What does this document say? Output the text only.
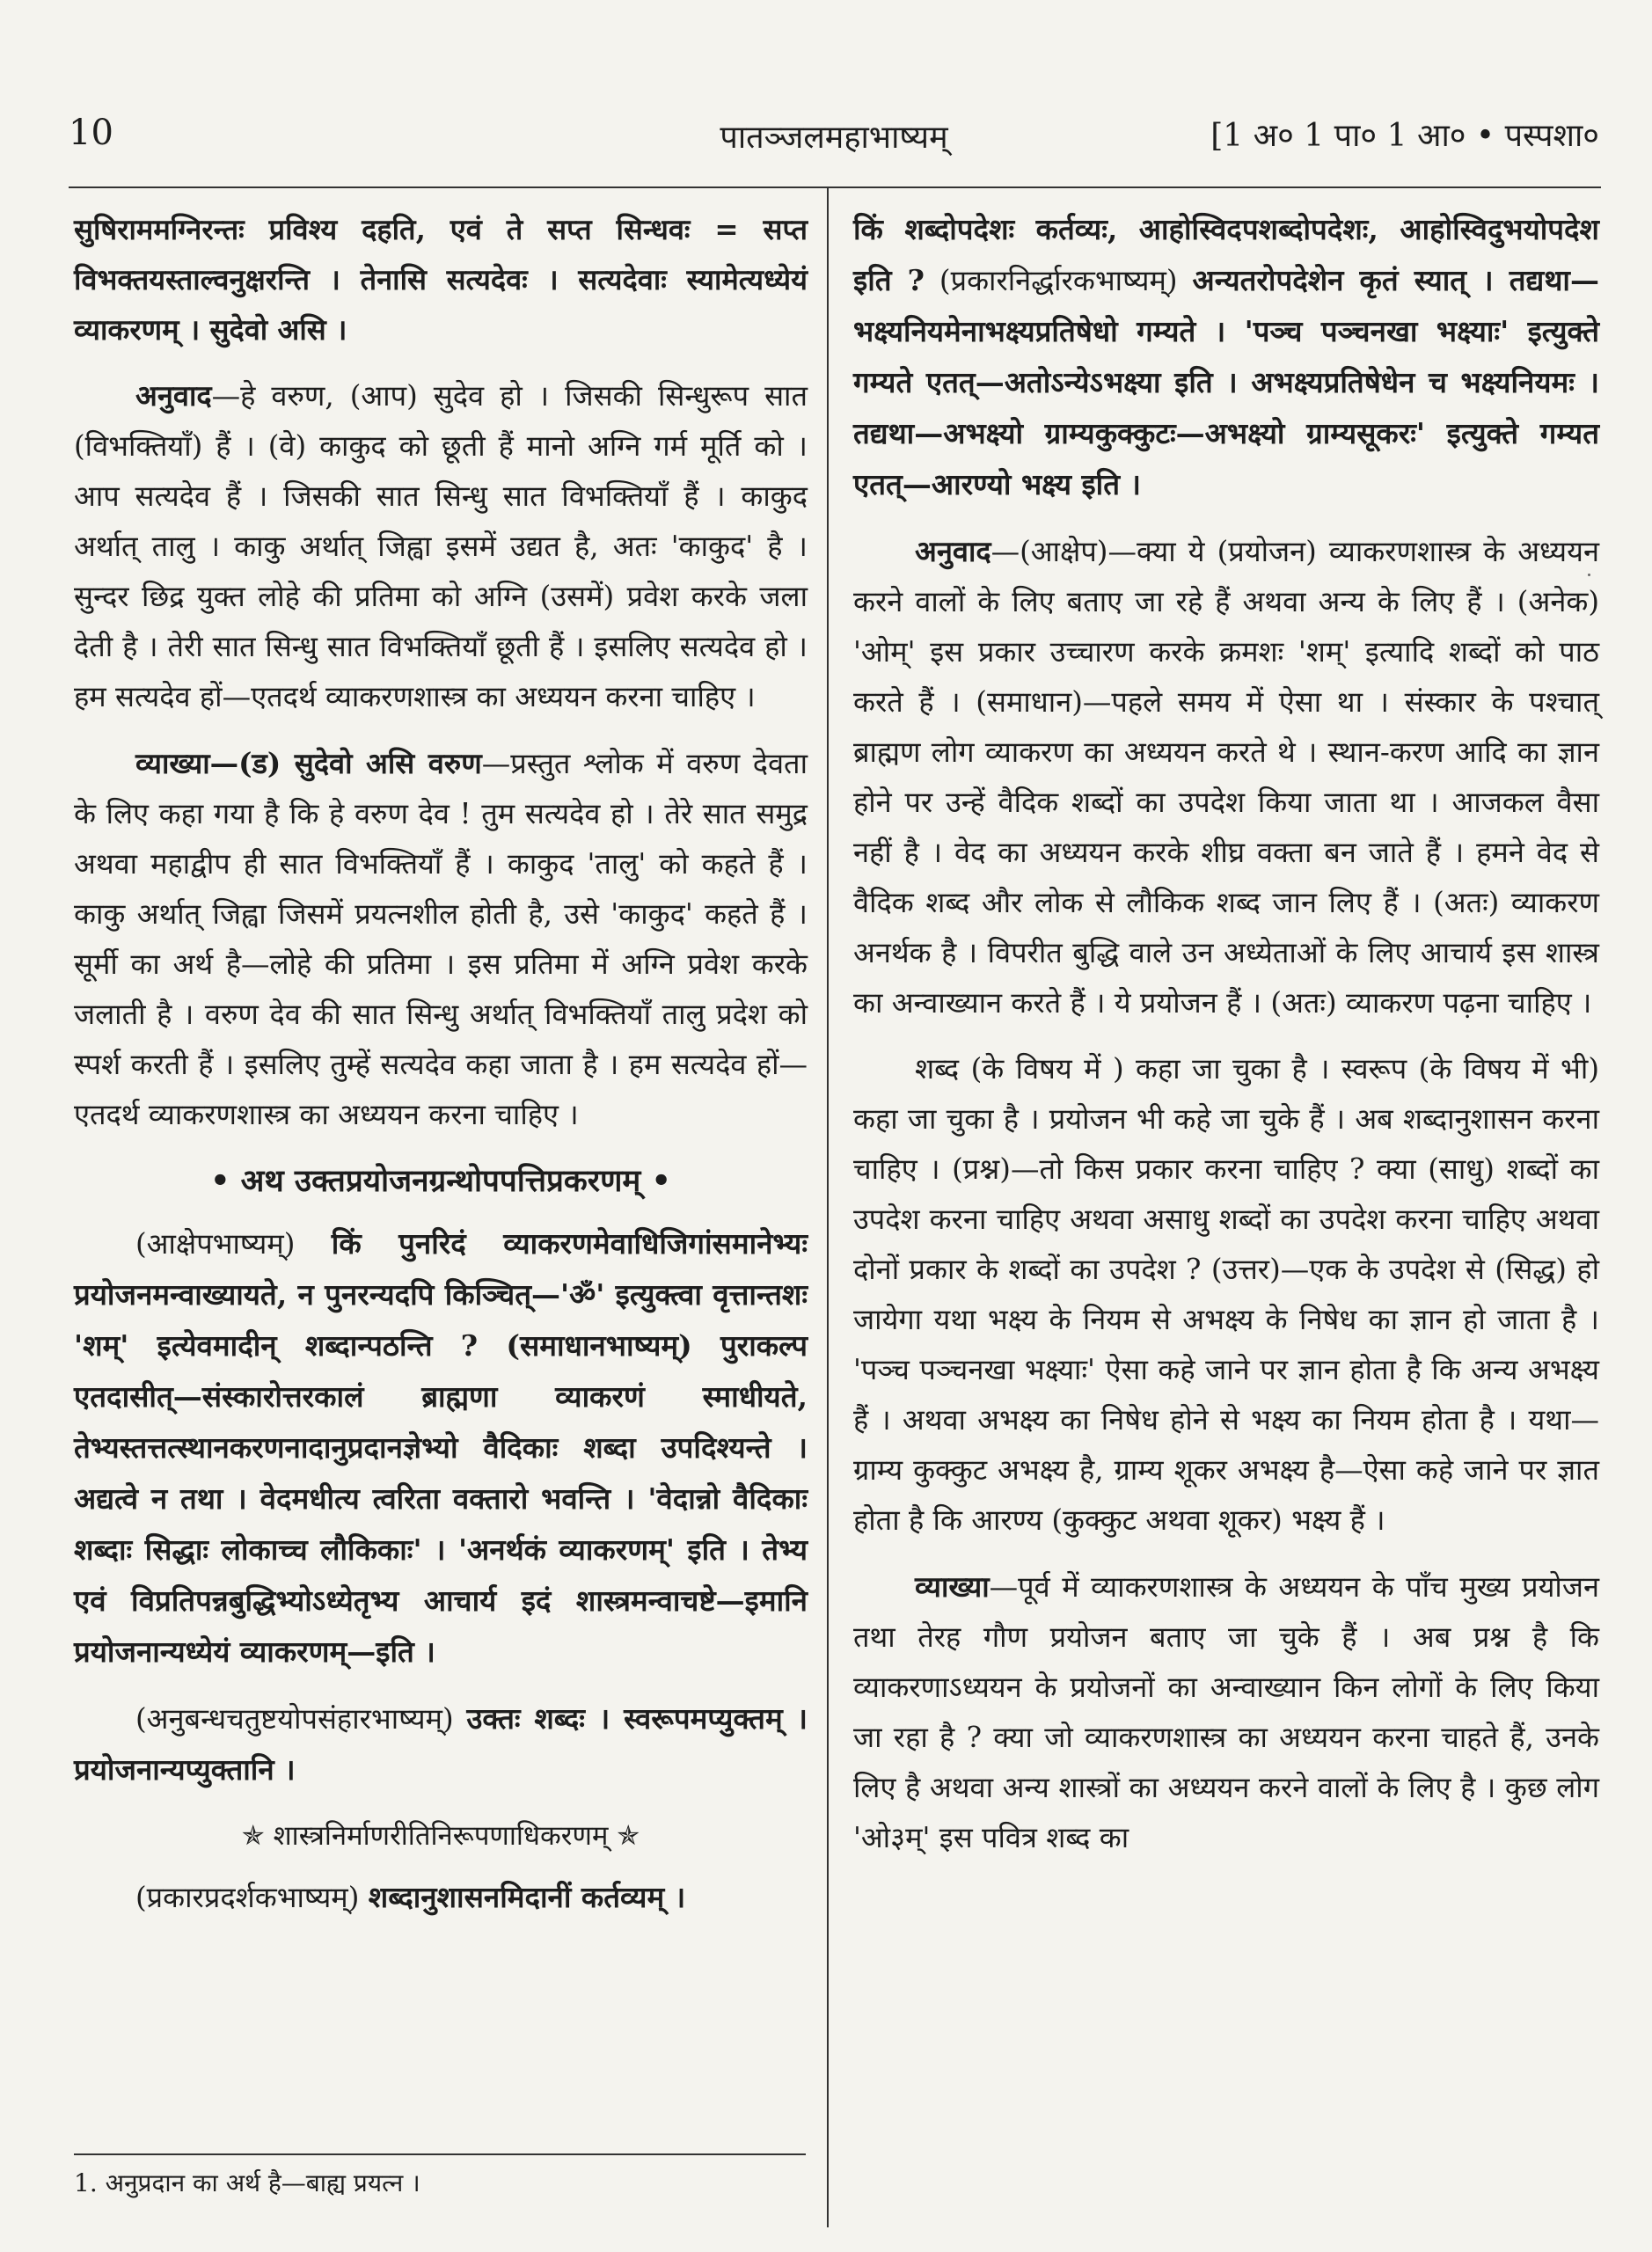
10	पातञ्जलमहाभाष्यम्	[1 अ० 1 पा० 1 आ० • पस्पशा०

सुषिराममग्निरन्तः प्रविश्य दहति, एवं ते सप्त सिन्धवः = सप्त विभक्तयस्ताल्वनुक्षरन्ति । तेनासि सत्यदेवः । सत्यदेवाः स्यामेत्यध्येयं व्याकरणम् । सुदेवो असि ।

अनुवाद—हे वरुण, (आप) सुदेव हो । जिसकी सिन्धुरूप सात (विभक्तियाँ) हैं । (वे) काकुद को छूती हैं मानो अग्नि गर्म मूर्ति को । आप सत्यदेव हैं । जिसकी सात सिन्धु सात विभक्तियाँ हैं । काकुद अर्थात् तालु । काकु अर्थात् जिह्वा इसमें उद्यत है, अतः 'काकुद' है । सुन्दर छिद्र युक्त लोहे की प्रतिमा को अग्नि (उसमें) प्रवेश करके जला देती है । तेरी सात सिन्धु सात विभक्तियाँ छूती हैं । इसलिए सत्यदेव हो । हम सत्यदेव हों—एतदर्थ व्याकरणशास्त्र का अध्ययन करना चाहिए ।

व्याख्या—(ड) सुदेवो असि वरुण—प्रस्तुत श्लोक में वरुण देवता के लिए कहा गया है कि हे वरुण देव ! तुम सत्यदेव हो । तेरे सात समुद्र अथवा महाद्वीप ही सात विभक्तियाँ हैं । काकुद 'तालु' को कहते हैं । काकु अर्थात् जिह्वा जिसमें प्रयत्नशील होती है, उसे 'काकुद' कहते हैं । सूर्मी का अर्थ है—लोहे की प्रतिमा । इस प्रतिमा में अग्नि प्रवेश करके जलाती है । वरुण देव की सात सिन्धु अर्थात् विभक्तियाँ तालु प्रदेश को स्पर्श करती हैं । इसलिए तुम्हें सत्यदेव कहा जाता है । हम सत्यदेव हों—एतदर्थ व्याकरणशास्त्र का अध्ययन करना चाहिए ।

• अथ उक्तप्रयोजनग्रन्थोपपत्तिप्रकरणम् •

(आक्षेपभाष्यम्) किं पुनरिदं व्याकरणमेवाधिजिगांसमानेभ्यः प्रयोजनमन्वाख्यायते, न पुनरन्यदपि किञ्चित्—'ॐ' इत्युक्त्वा वृत्तान्तशः 'शम्' इत्येवमादीन् शब्दान्पठन्ति ? (समाधानभाष्यम्) पुराकल्प एतदासीत्—संस्कारोत्तरकालं ब्राह्मणा व्याकरणं स्माधीयते, तेभ्यस्तत्तत्स्थानकरणनादानुप्रदानज्ञेभ्यो वैदिकाः शब्दा उपदिश्यन्ते । अद्यत्वे न तथा । वेदमधीत्य त्वरिता वक्तारो भवन्ति । 'वेदान्नो वैदिकाः शब्दाः सिद्धाः लोकाच्च लौकिकाः' । 'अनर्थकं व्याकरणम्' इति । तेभ्य एवं विप्रतिपन्नबुद्धिभ्योऽध्येतृभ्य आचार्य इदं शास्त्रमन्वाचष्टे—इमानि प्रयोजनान्यध्येयं व्याकरणम्—इति ।

(अनुबन्धचतुष्टयोपसंहारभाष्यम्) उक्तः शब्दः । स्वरूपमप्युक्तम् । प्रयोजनान्यप्युक्तानि ।

✯ शास्त्रनिर्माणरीतिनिरूपणाधिकरणम् ✯

(प्रकारप्रदर्शकभाष्यम्) शब्दानुशासनमिदानीं कर्तव्यम् ।

किं शब्दोपदेशः कर्तव्यः, आहोस्विदपशब्दोपदेशः, आहोस्विदुभयोपदेश इति ? (प्रकारनिर्द्धारकभाष्यम्) अन्यतरोपदेशेन कृतं स्यात् । तद्यथा—भक्ष्यनियमेनाभक्ष्यप्रतिषेधो गम्यते । 'पञ्च पञ्चनखा भक्ष्याः' इत्युक्ते गम्यते एतत्—अतोऽन्येऽभक्ष्या इति । अभक्ष्यप्रतिषेधेन च भक्ष्यनियमः । तद्यथा—अभक्ष्यो ग्राम्यकुक्कुटः—अभक्ष्यो ग्राम्यसूकरः' इत्युक्ते गम्यत एतत्—आरण्यो भक्ष्य इति ।

अनुवाद—(आक्षेप)—क्या ये (प्रयोजन) व्याकरणशास्त्र के अध्ययन करने वालों के लिए बताए जा रहे हैं अथवा अन्य के लिए हैं । (अनेक) 'ओम्' इस प्रकार उच्चारण करके क्रमशः 'शम्' इत्यादि शब्दों को पाठ करते हैं । (समाधान)—पहले समय में ऐसा था । संस्कार के पश्चात् ब्राह्मण लोग व्याकरण का अध्ययन करते थे । स्थान-करण आदि का ज्ञान होने पर उन्हें वैदिक शब्दों का उपदेश किया जाता था । आजकल वैसा नहीं है । वेद का अध्ययन करके शीघ्र वक्ता बन जाते हैं । हमने वेद से वैदिक शब्द और लोक से लौकिक शब्द जान लिए हैं । (अतः) व्याकरण अनर्थक है । विपरीत बुद्धि वाले उन अध्येताओं के लिए आचार्य इस शास्त्र का अन्वाख्यान करते हैं । ये प्रयोजन हैं । (अतः) व्याकरण पढ़ना चाहिए ।

शब्द (के विषय में ) कहा जा चुका है । स्वरूप (के विषय में भी) कहा जा चुका है । प्रयोजन भी कहे जा चुके हैं । अब शब्दानुशासन करना चाहिए । (प्रश्न)—तो किस प्रकार करना चाहिए ? क्या (साधु) शब्दों का उपदेश करना चाहिए अथवा असाधु शब्दों का उपदेश करना चाहिए अथवा दोनों प्रकार के शब्दों का उपदेश ? (उत्तर)—एक के उपदेश से (सिद्ध) हो जायेगा यथा भक्ष्य के नियम से अभक्ष्य के निषेध का ज्ञान हो जाता है । 'पञ्च पञ्चनखा भक्ष्याः' ऐसा कहे जाने पर ज्ञान होता है कि अन्य अभक्ष्य हैं । अथवा अभक्ष्य का निषेध होने से भक्ष्य का नियम होता है । यथा—ग्राम्य कुक्कुट अभक्ष्य है, ग्राम्य शूकर अभक्ष्य है—ऐसा कहे जाने पर ज्ञात होता है कि आरण्य (कुक्कुट अथवा शूकर) भक्ष्य हैं ।

व्याख्या—पूर्व में व्याकरणशास्त्र के अध्ययन के पाँच मुख्य प्रयोजन तथा तेरह गौण प्रयोजन बताए जा चुके हैं । अब प्रश्न है कि व्याकरणाऽध्ययन के प्रयोजनों का अन्वाख्यान किन लोगों के लिए किया जा रहा है ? क्या जो व्याकरणशास्त्र का अध्ययन करना चाहते हैं, उनके लिए है अथवा अन्य शास्त्रों का अध्ययन करने वालों के लिए है । कुछ लोग 'ओ३म्' इस पवित्र शब्द का

1. अनुप्रदान का अर्थ है—बाह्य प्रयत्न ।
